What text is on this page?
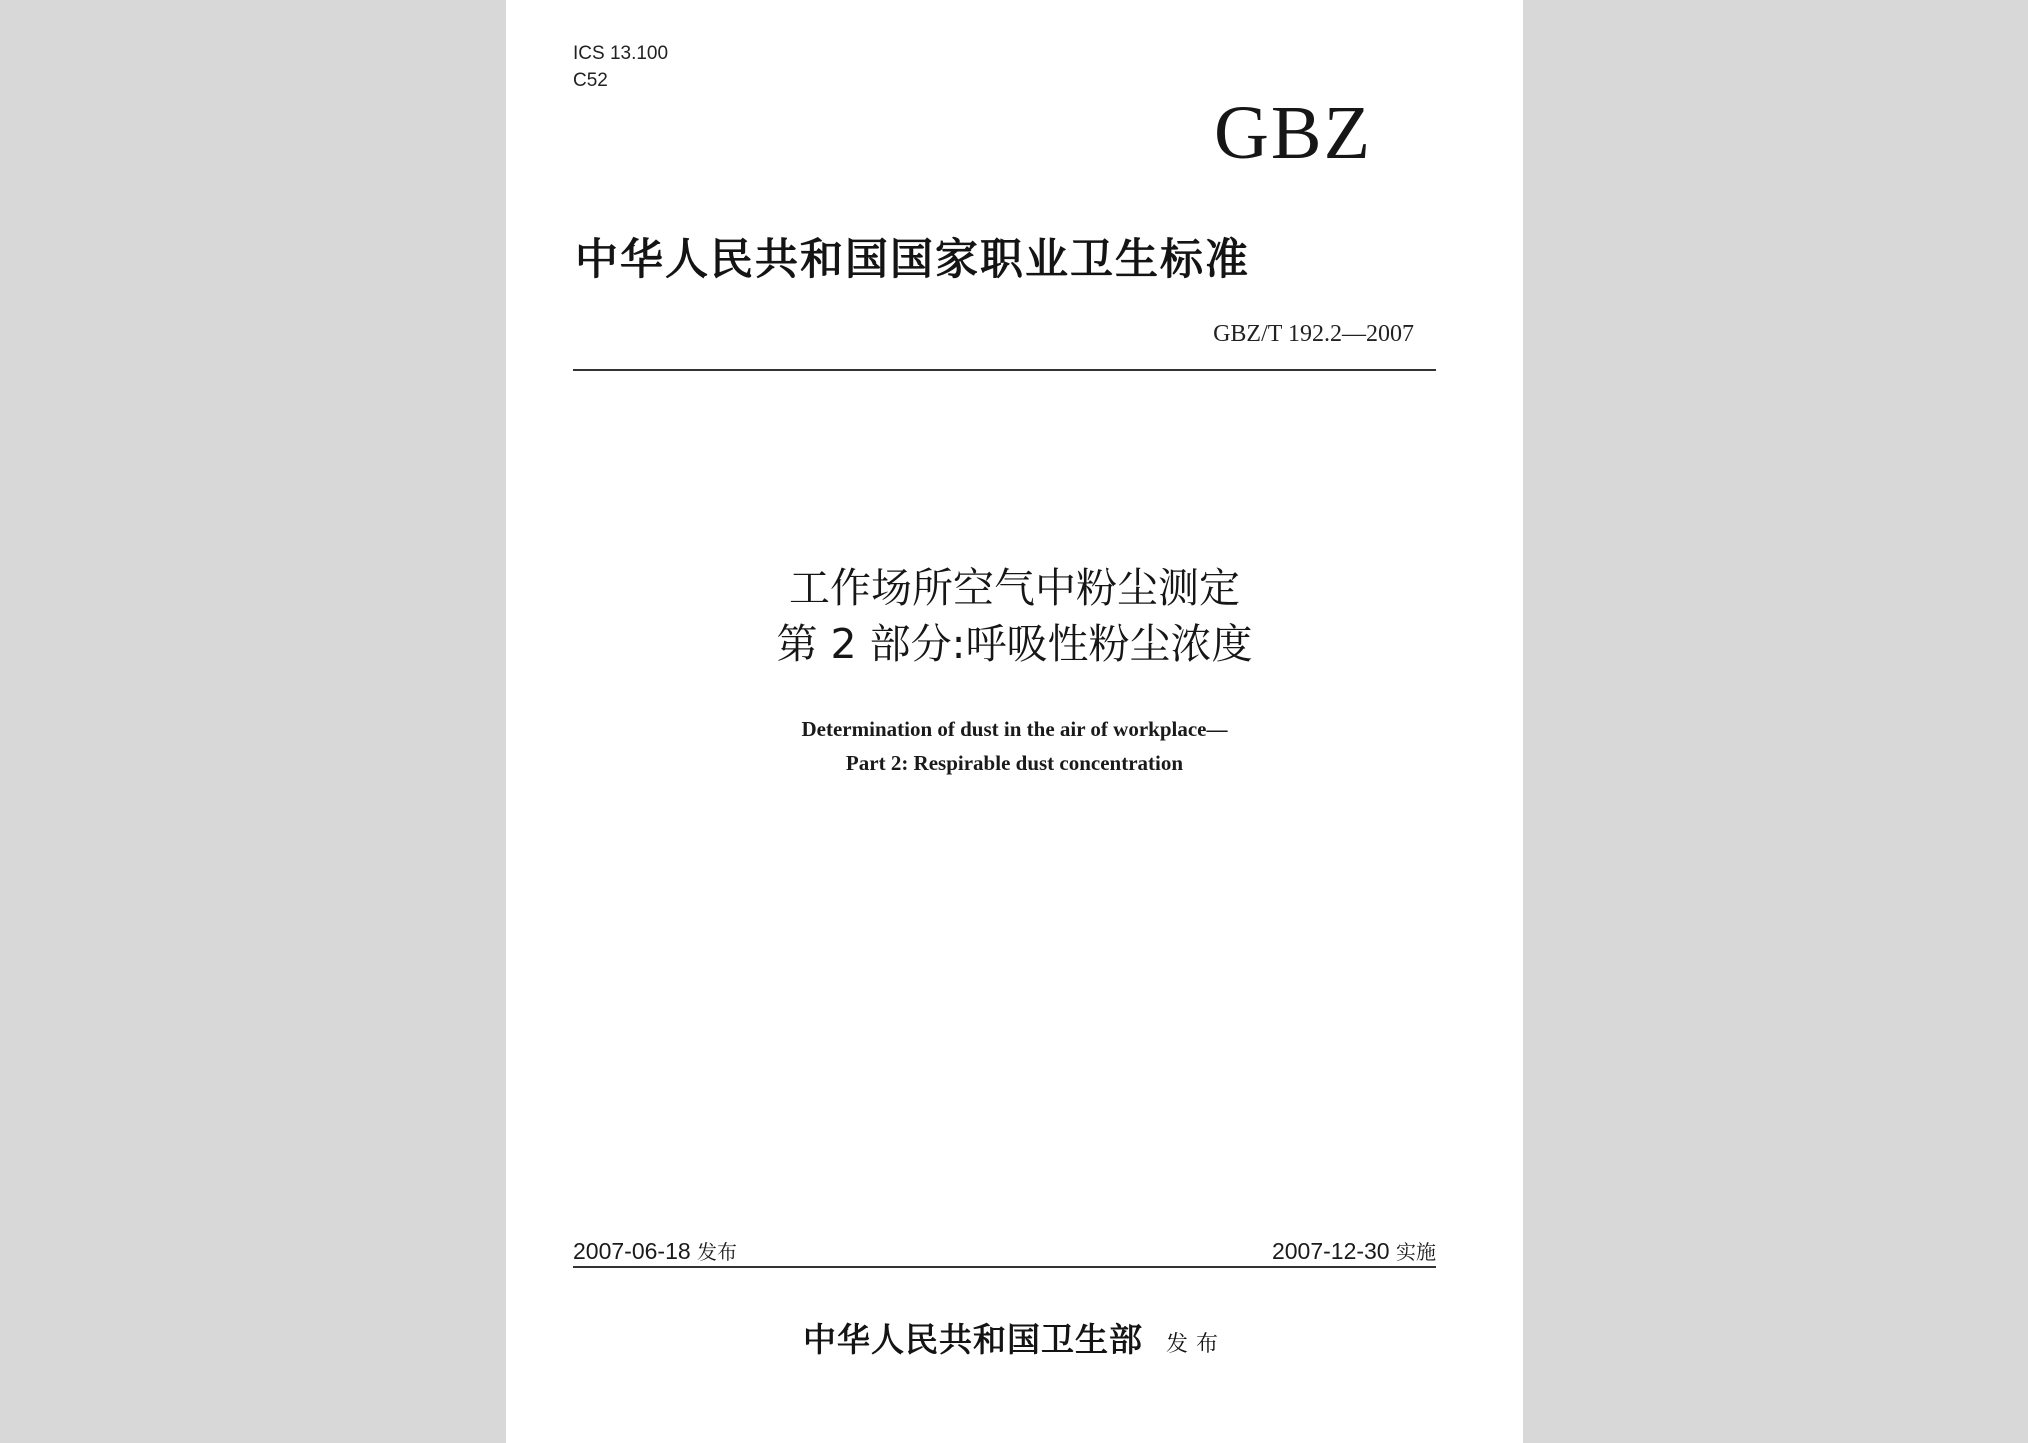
ICS 13.100
C52
GBZ
中华人民共和国国家职业卫生标准
GBZ/T 192.2—2007
工作场所空气中粉尘测定
第 2 部分:呼吸性粉尘浓度
Determination of dust in the air of workplace—
Part 2: Respirable dust concentration
2007-06-18 发布	2007-12-30 实施
中华人民共和国卫生部 发布
